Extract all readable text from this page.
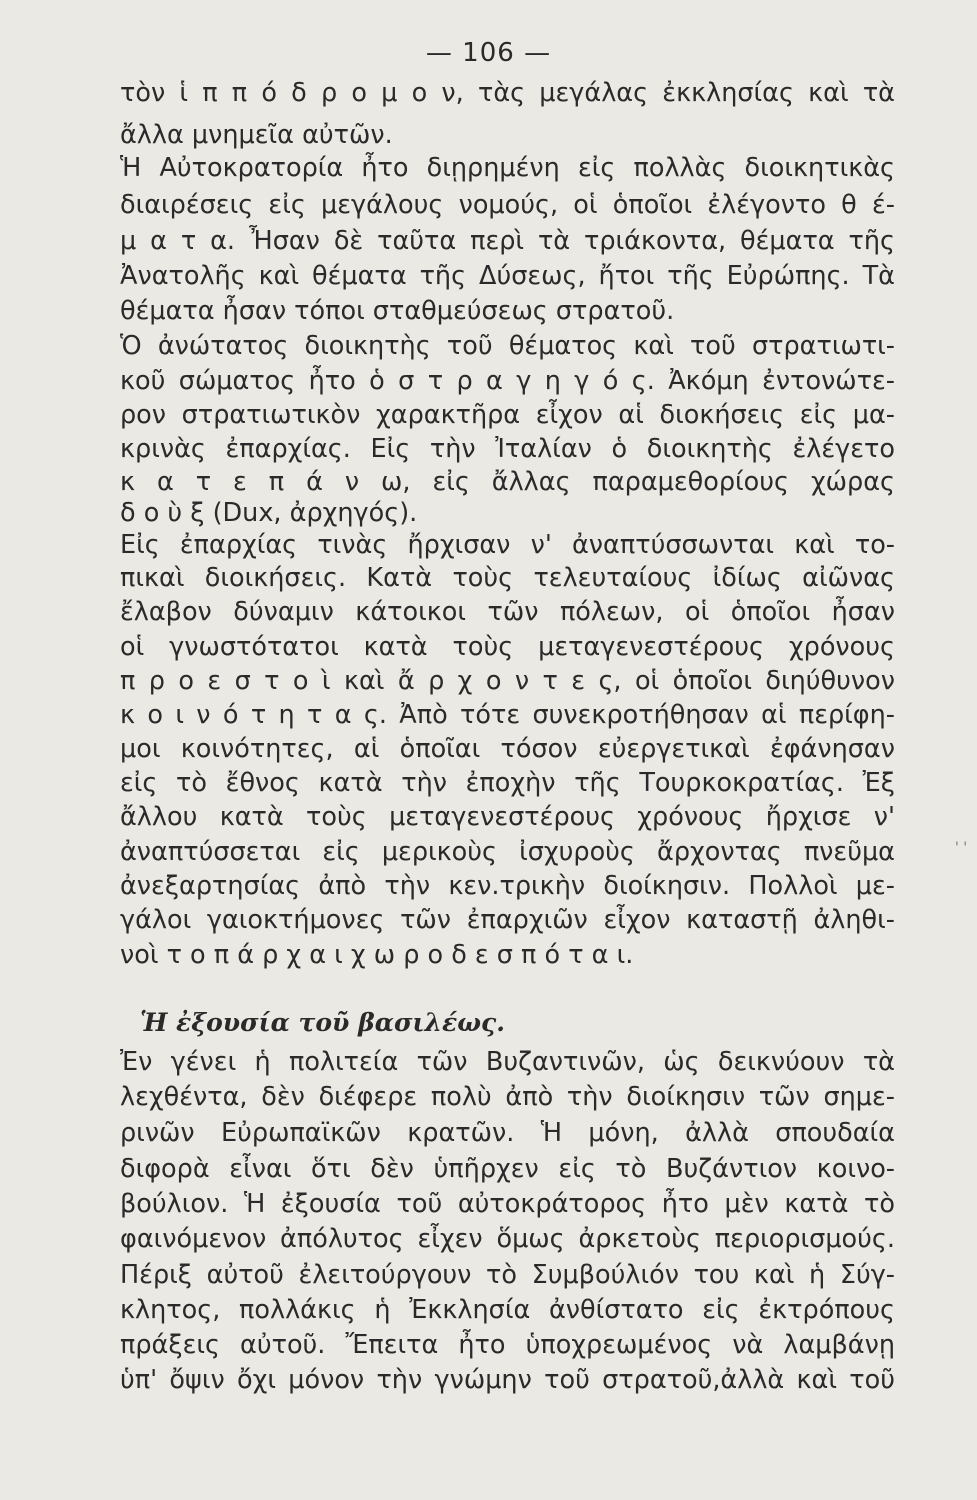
— 106 —
τὸν ἱ π π ό δ ρ ο μ ο ν, τὰς μεγάλας ἐκκλησίας καὶ τὰ
ἄλλα μνημεῖα αὐτῶν.
Ἡ Αὐτοκρατορία ἦτο διῃρημένη εἰς πολλὰς διοικητικὰς
διαιρέσεις εἰς μεγάλους νομούς, οἱ ὁποῖοι ἐλέγοντο θ έ-
μ α τ α. Ἦσαν δὲ ταῦτα περὶ τὰ τριάκοντα, θέματα τῆς
Ἀνατολῆς καὶ θέματα τῆς Δύσεως, ἤτοι τῆς Εὐρώπης. Τὰ
θέματα ἦσαν τόποι σταθμεύσεως στρατοῦ.
Ὁ ἀνώτατος διοικητὴς τοῦ θέματος καὶ τοῦ στρατιωτι-
κοῦ σώματος ἦτο ὁ σ τ ρ α γ η γ ό ς. Ἀκόμη ἐντονώτε-
ρον στρατιωτικὸν χαρακτῆρα εἶχον αἱ διοκήσεις εἰς μα-
κρινὰς ἐπαρχίας. Εἰς τὴν Ἰταλίαν ὁ διοικητὴς ἐλέγετο
κ α τ ε π ά ν ω, εἰς ἄλλας παραμεθορίους χώρας
δ ο ὺ ξ (Dux, ἀρχηγός).
Εἰς ἐπαρχίας τινὰς ἤρχισαν ν' ἀναπτύσσωνται καὶ το-
πικαὶ διοικήσεις. Κατὰ τοὺς τελευταίους ἰδίως αἰῶνας
ἔλαβον δύναμιν κάτοικοι τῶν πόλεων, οἱ ὁποῖοι ἦσαν
οἱ γνωστότατοι κατὰ τοὺς μεταγενεστέρους χρόνους
π ρ ο ε σ τ ο ὶ καὶ ἄ ρ χ ο ν τ ε ς, οἱ ὁποῖοι διηύθυνον
κ ο ι ν ό τ η τ α ς. Ἀπὸ τότε συνεκροτήθησαν αἱ περίφη-
μοι κοινότητες, αἱ ὁποῖαι τόσον εὐεργετικαὶ ἐφάνησαν
εἰς τὸ ἔθνος κατὰ τὴν ἐποχὴν τῆς Τουρκοκρατίας. Ἐξ
ἄλλου κατὰ τοὺς μεταγενεστέρους χρόνους ἤρχισε ν'
ἀναπτύσσεται εἰς μερικοὺς ἰσχυροὺς ἄρχοντας πνεῦμα
ἀνεξαρτησίας ἀπὸ τὴν κεν.τρικὴν διοίκησιν. Πολλοὶ με-
γάλοι γαιοκτήμονες τῶν ἐπαρχιῶν εἶχον καταστῇ ἀληθι-
νοὶ τ ο π ά ρ χ α ι χ ω ρ ο δ ε σ π ό τ α ι.
Ἡ ἐξουσία τοῦ βασιλέως.
Ἐν γένει ἡ πολιτεία τῶν Βυζαντινῶν, ὡς δεικνύουν τὰ
λεχθέντα, δὲν διέφερε πολὺ ἀπὸ τὴν διοίκησιν τῶν σημε-
ρινῶν Εὐρωπαϊκῶν κρατῶν. Ἡ μόνη, ἀλλὰ σπουδαία
διφορὰ εἶναι ὅτι δὲν ὑπῆρχεν εἰς τὸ Βυζάντιον κοινο-
βούλιον. Ἡ ἐξουσία τοῦ αὐτοκράτορος ἦτο μὲν κατὰ τὸ
φαινόμενον ἀπόλυτος εἶχεν ὅμως ἀρκετοὺς περιορισμούς.
Πέριξ αὐτοῦ ἐλειτούργουν τὸ Συμβούλιόν του καὶ ἡ Σύγ-
κλητος, πολλάκις ἡ Ἐκκλησία ἀνθίστατο εἰς ἐκτρόπους
πράξεις αὐτοῦ. Ἔπειτα ἦτο ὑποχρεωμένος νὰ λαμβάνῃ
ὑπ' ὄψιν ὄχι μόνον τὴν γνώμην τοῦ στρατοῦ,ἀλλὰ καὶ τοῦ
' '
